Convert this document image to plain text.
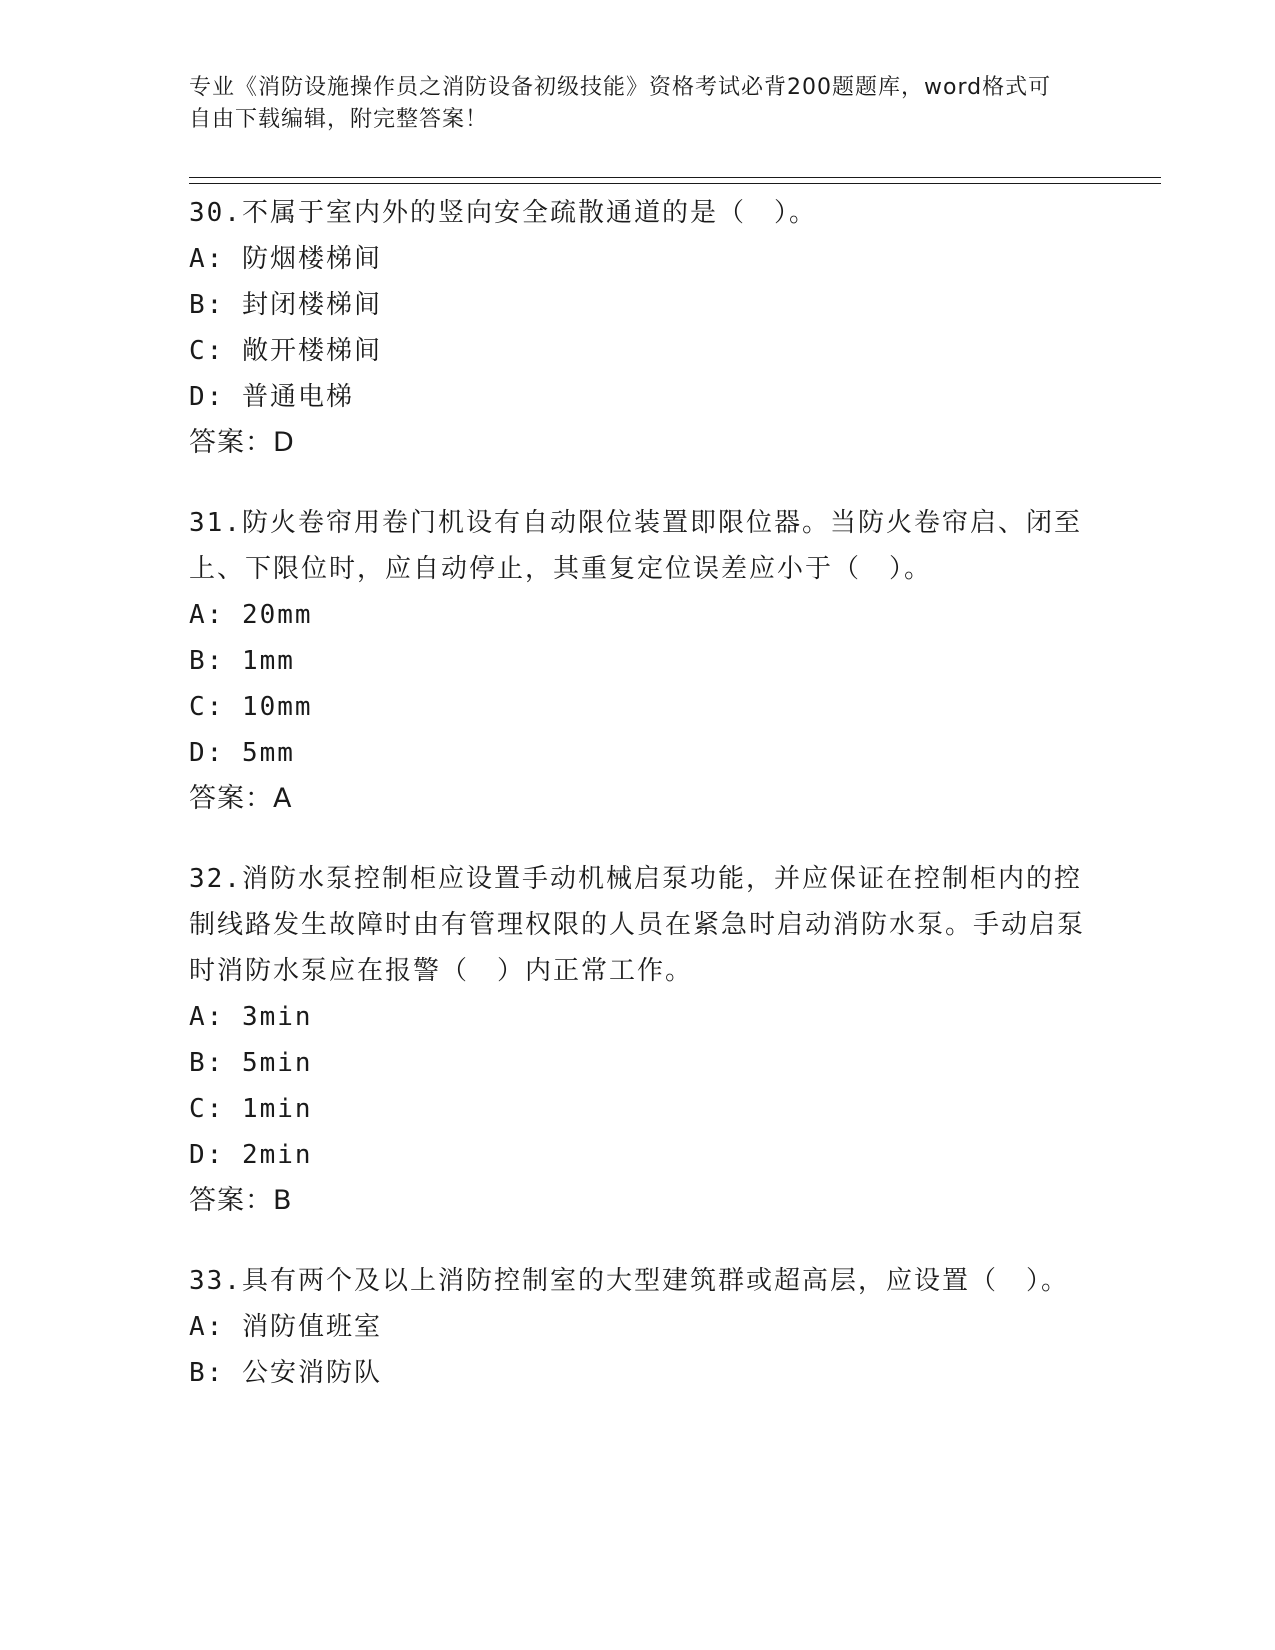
专业《消防设施操作员之消防设备初级技能》资格考试必背200题题库，word格式可自由下载编辑，附完整答案！

30.不属于室内外的竖向安全疏散通道的是（　）。

A: 防烟楼梯间

B: 封闭楼梯间

C: 敞开楼梯间

D: 普通电梯

答案：D

31.防火卷帘用卷门机设有自动限位装置即限位器。当防火卷帘启、闭至上、下限位时，应自动停止，其重复定位误差应小于（　）。

A: 20mm

B: 1mm

C: 10mm

D: 5mm

答案：A

32.消防水泵控制柜应设置手动机械启泵功能，并应保证在控制柜内的控制线路发生故障时由有管理权限的人员在紧急时启动消防水泵。手动启泵时消防水泵应在报警（　）内正常工作。

A: 3min

B: 5min

C: 1min

D: 2min

答案：B

33.具有两个及以上消防控制室的大型建筑群或超高层，应设置（　）。

A: 消防值班室

B: 公安消防队
